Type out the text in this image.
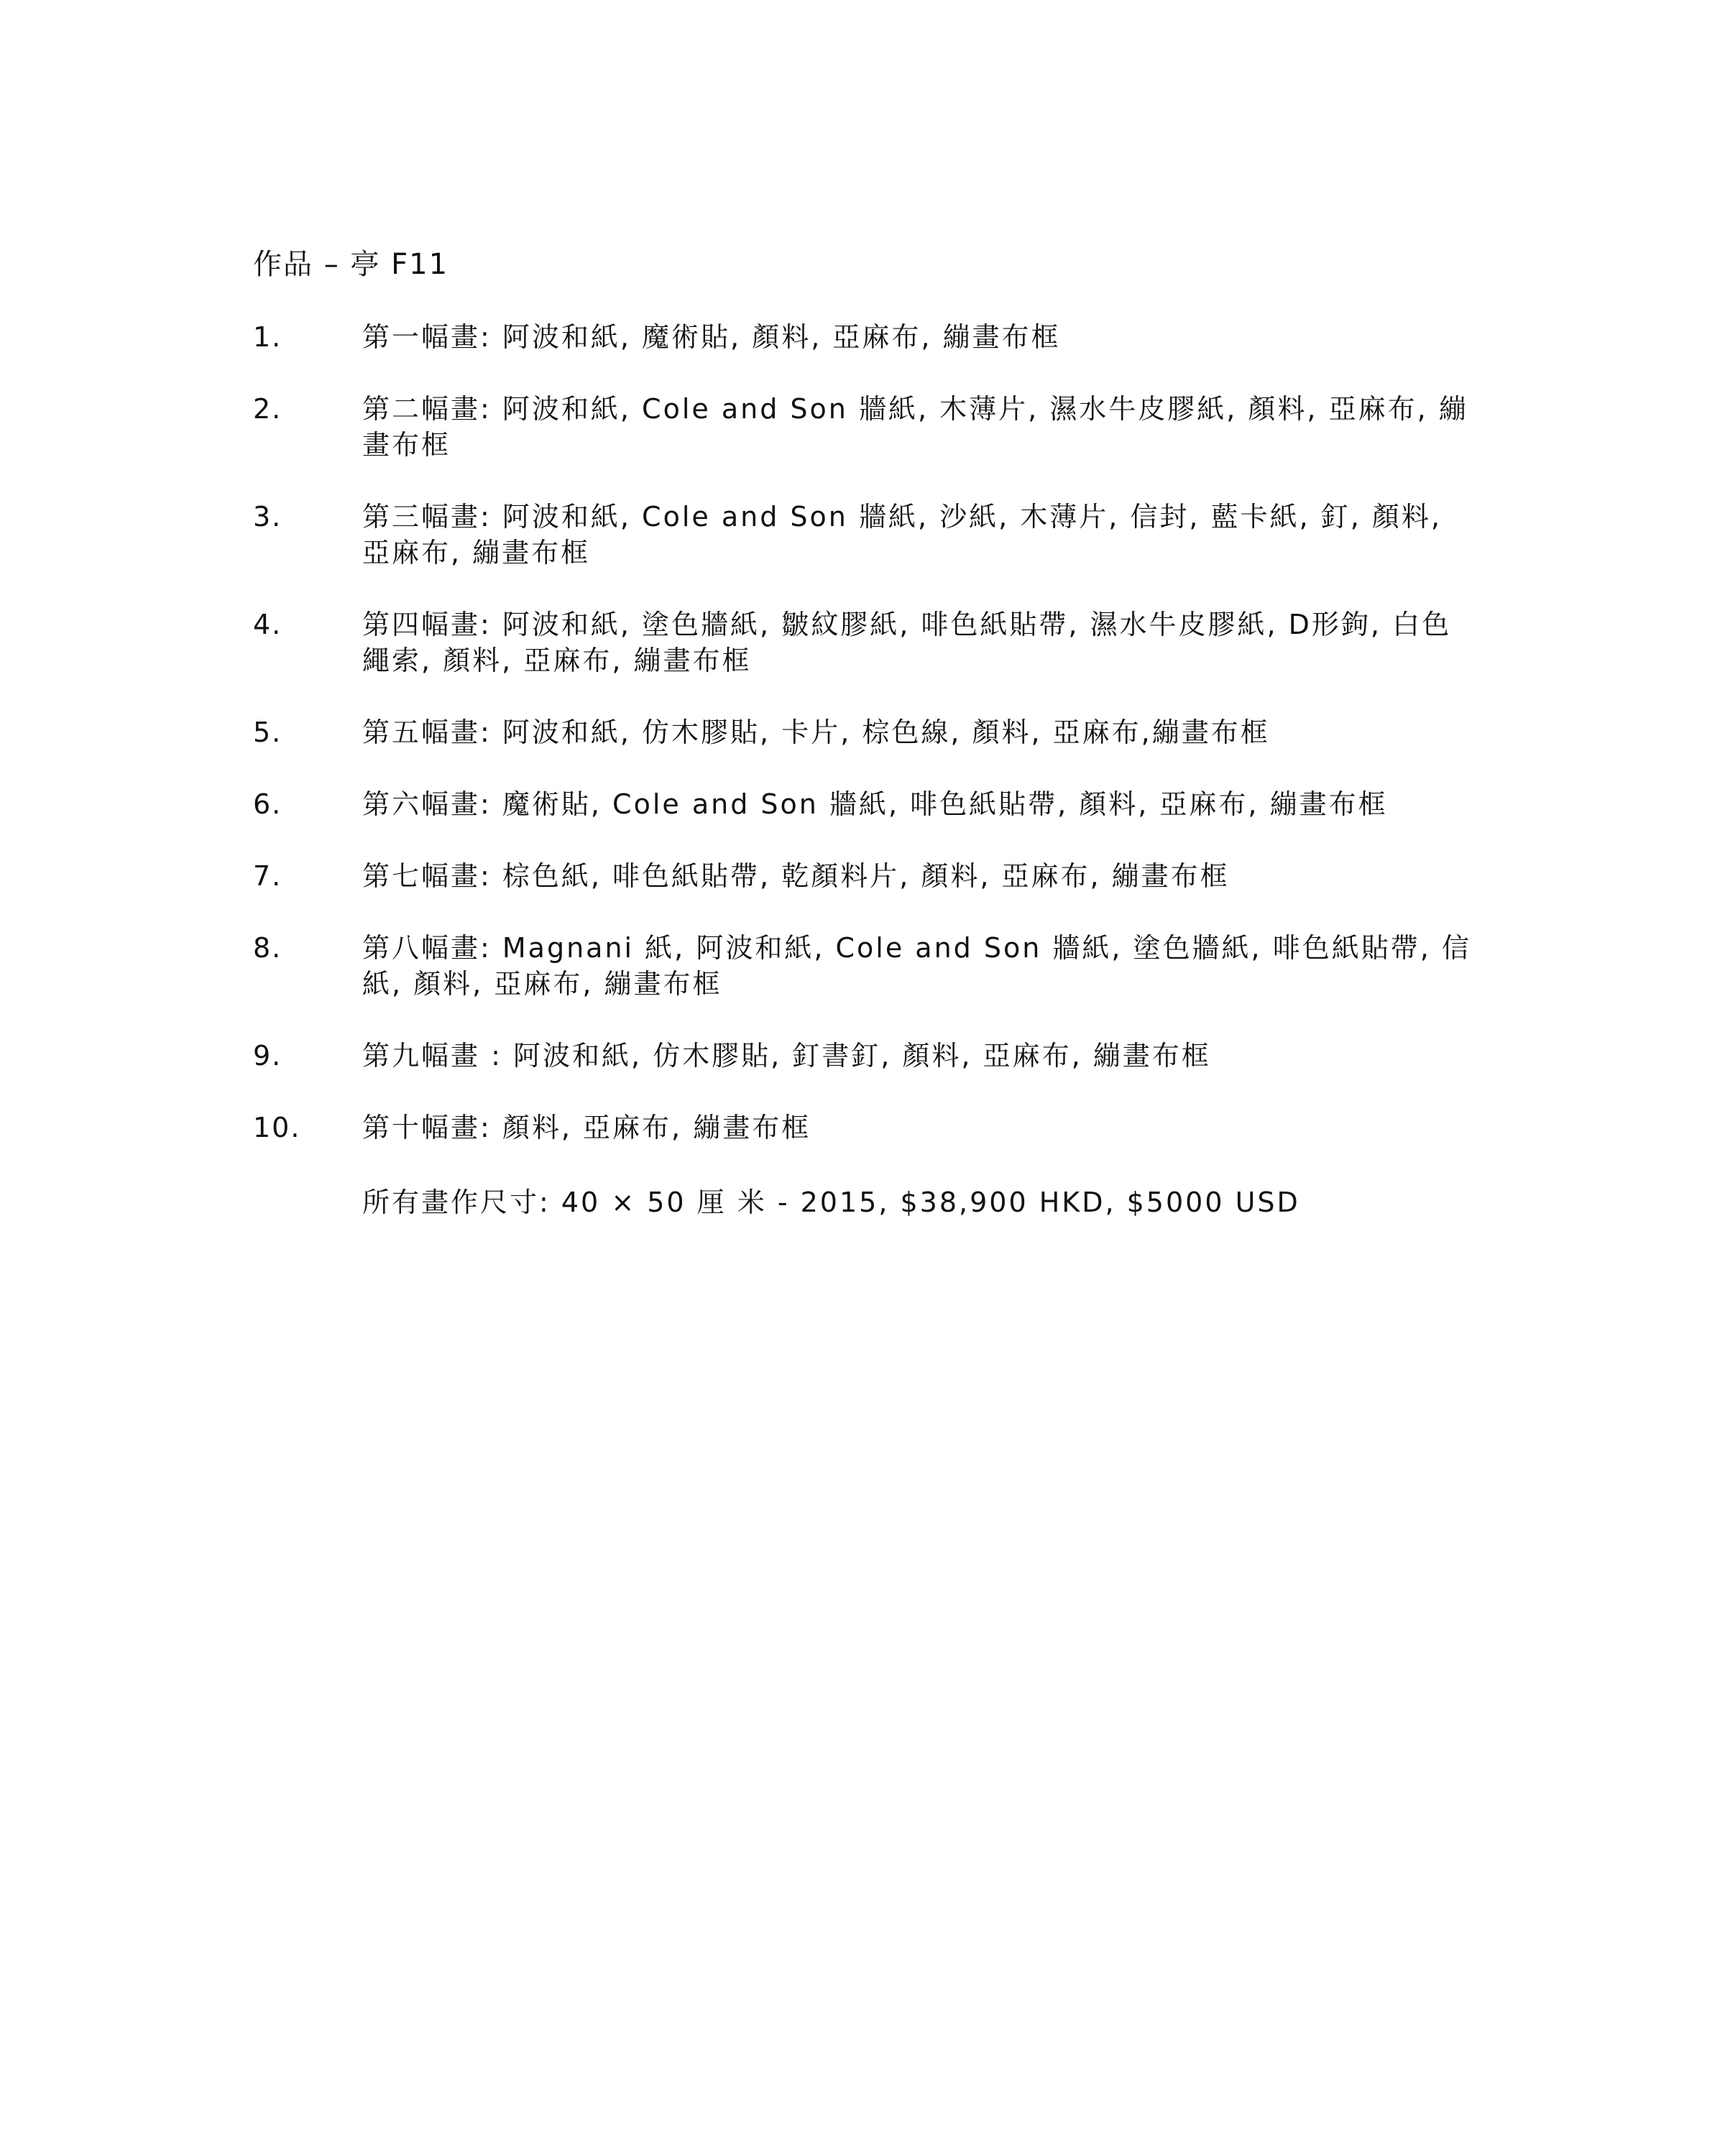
作品 – 亭 F11
1.	第一幅畫: 阿波和紙, 魔術貼, 顏料, 亞麻布, 繃畫布框
2.	第二幅畫: 阿波和紙, Cole and Son 牆紙, 木薄片, 濕水牛皮膠紙, 顏料, 亞麻布, 繃畫布框
3.	第三幅畫: 阿波和紙, Cole and Son 牆紙, 沙紙, 木薄片, 信封, 藍卡紙, 釘, 顏料, 亞麻布, 繃畫布框
4.	第四幅畫: 阿波和紙, 塗色牆紙, 皺紋膠紙, 啡色紙貼帶, 濕水牛皮膠紙, D形鉤, 白色繩索, 顏料, 亞麻布, 繃畫布框
5.	第五幅畫: 阿波和紙, 仿木膠貼, 卡片, 棕色線, 顏料, 亞麻布,繃畫布框
6.	第六幅畫: 魔術貼, Cole and Son 牆紙, 啡色紙貼帶, 顏料, 亞麻布, 繃畫布框
7.	第七幅畫: 棕色紙, 啡色紙貼帶, 乾顏料片, 顏料, 亞麻布, 繃畫布框
8.	第八幅畫: Magnani 紙, 阿波和紙, Cole and Son 牆紙, 塗色牆紙, 啡色紙貼帶, 信 紙, 顏料, 亞麻布, 繃畫布框
9.	第九幅畫 : 阿波和紙, 仿木膠貼, 釘書釘, 顏料, 亞麻布, 繃畫布框
10.	第十幅畫: 顏料, 亞麻布, 繃畫布框
所有畫作尺寸: 40 × 50 厘 米 - 2015, $38,900 HKD, $5000 USD
